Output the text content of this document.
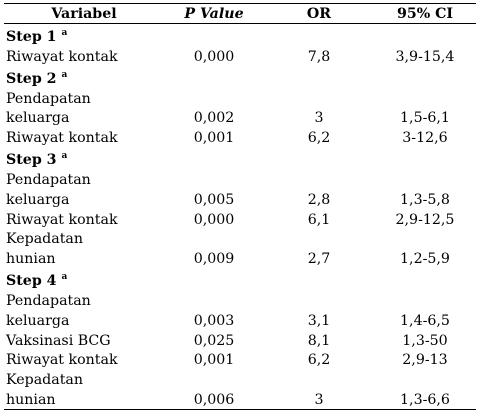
Variabel	P Value	OR	95% CI
Step 1 $^a$
Riwayat kontak	0,000	7,8	3,9-15,4
Step 2 $^a$
Pendapatan			
keluarga	0,002	3	1,5-6,1
Riwayat kontak	0,001	6,2	3-12,6
Step 3 $^a$
Pendapatan			
keluarga	0,005	2,8	1,3-5,8
Riwayat kontak	0,000	6,1	2,9-12,5
Kepadatan			
hunian	0,009	2,7	1,2-5,9
Step 4 $^a$
Pendapatan			
keluarga	0,003	3,1	1,4-6,5
Vaksinasi BCG	0,025	8,1	1,3-50
Riwayat kontak	0,001	6,2	2,9-13
Kepadatan			
hunian	0,006	3	1,3-6,6
